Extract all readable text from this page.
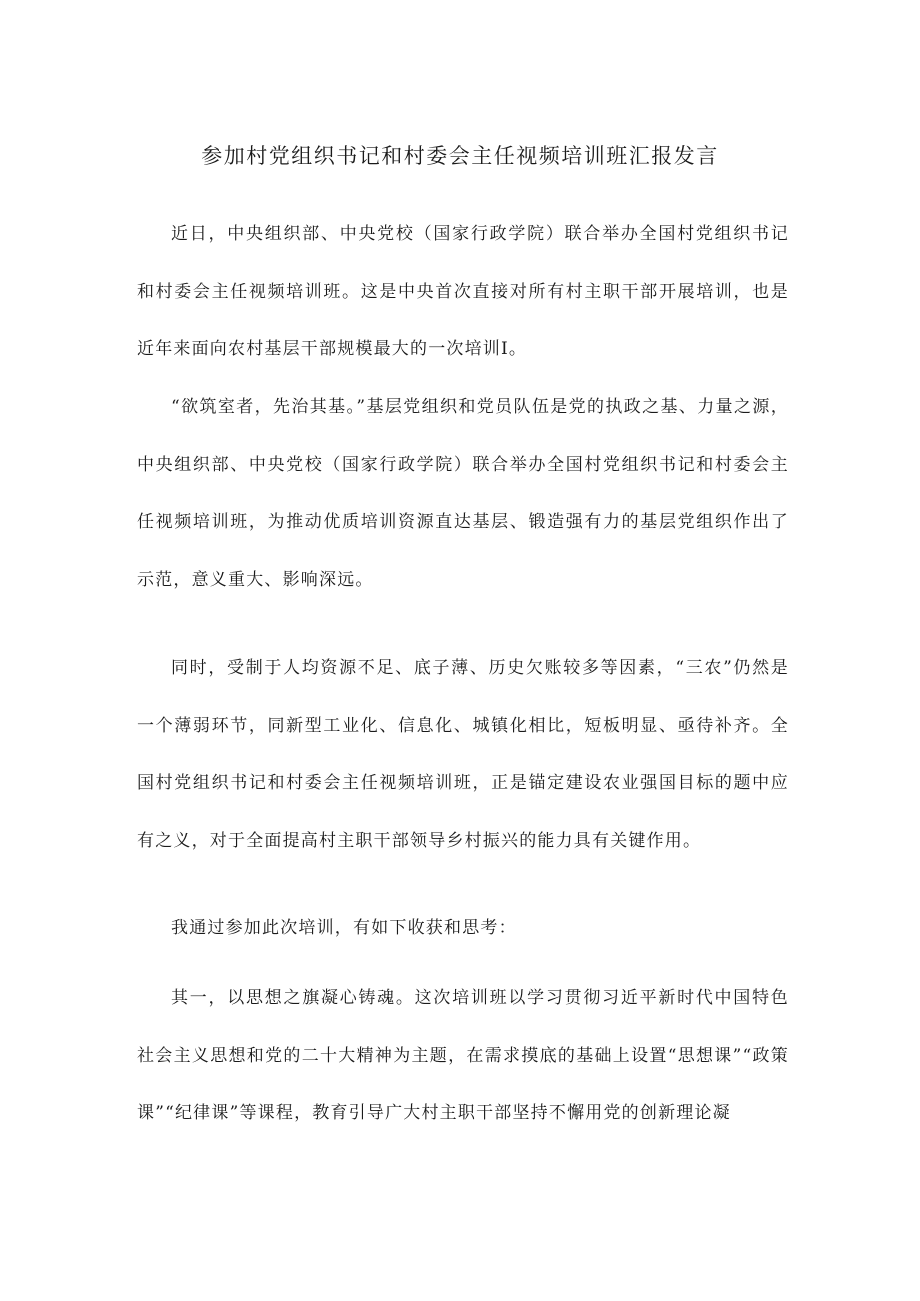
参加村党组织书记和村委会主任视频培训班汇报发言

近日，中央组织部、中央党校（国家行政学院）联合举办全国村党组织书记和村委会主任视频培训班。这是中央首次直接对所有村主职干部开展培训，也是近年来面向农村基层干部规模最大的一次培训I。

“欲筑室者，先治其基。”基层党组织和党员队伍是党的执政之基、力量之源，中央组织部、中央党校（国家行政学院）联合举办全国村党组织书记和村委会主任视频培训班，为推动优质培训资源直达基层、锻造强有力的基层党组织作出了示范，意义重大、影响深远。

同时，受制于人均资源不足、底子薄、历史欠账较多等因素，“三农”仍然是一个薄弱环节，同新型工业化、信息化、城镇化相比，短板明显、亟待补齐。全国村党组织书记和村委会主任视频培训班，正是锚定建设农业强国目标的题中应有之义，对于全面提高村主职干部领导乡村振兴的能力具有关键作用。

我通过参加此次培训，有如下收获和思考：

其一，以思想之旗凝心铸魂。这次培训班以学习贯彻习近平新时代中国特色社会主义思想和党的二十大精神为主题，在需求摸底的基础上设置“思想课”“政策课”“纪律课”等课程，教育引导广大村主职干部坚持不懈用党的创新理论凝
